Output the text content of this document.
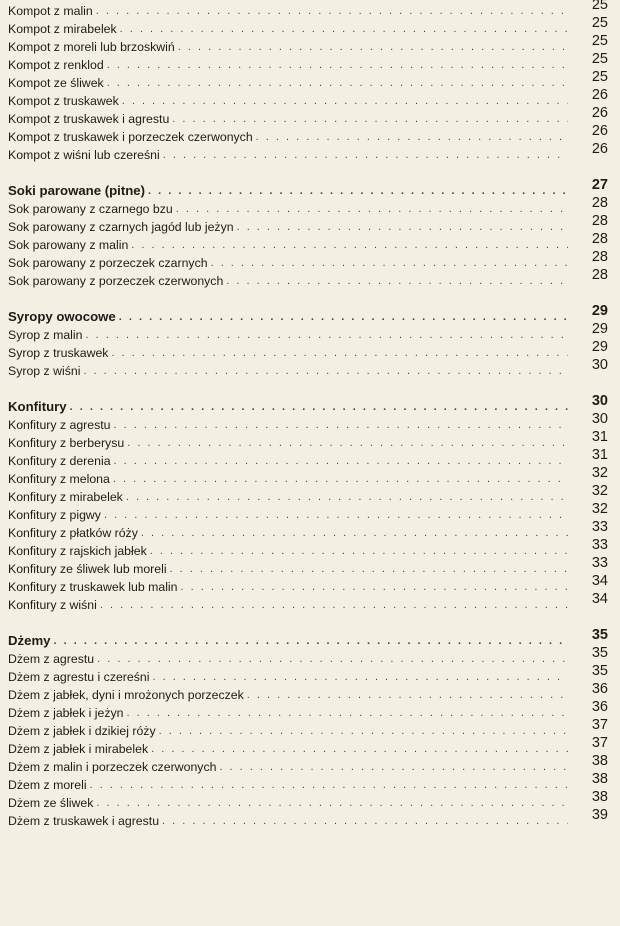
Kompot z malin . . .	25
Kompot z mirabelek . . .	25
Kompot z moreli lub brzoskwiń . . .	25
Kompot z renklod . . .	25
Kompot ze śliwek . . .	25
Kompot z truskawek . . .	26
Kompot z truskawek i agrestu . . .	26
Kompot z truskawek i porzeczek czerwonych . . .	26
Kompot z wiśni lub czereśni . . .	26
Soki parowane (pitne) . . .	27
Sok parowany z czarnego bzu . . .	28
Sok parowany z czarnych jagód lub jeżyn . . .	28
Sok parowany z malin . . .	28
Sok parowany z porzeczek czarnych . . .	28
Sok parowany z porzeczek czerwonych . . .	28
Syropy owocowe . . .	29
Syrop z malin . . .	29
Syrop z truskawek . . .	29
Syrop z wiśni . . .	30
Konfitury . . .	30
Konfitury z agrestu . . .	30
Konfitury z berberysu . . .	31
Konfitury z derenia . . .	31
Konfitury z melona . . .	32
Konfitury z mirabelek . . .	32
Konfitury z pigwy . . .	32
Konfitury z płatków róży . . .	33
Konfitury z rajskich jabłek . . .	33
Konfitury ze śliwek lub moreli . . .	33
Konfitury z truskawek lub malin . . .	34
Konfitury z wiśni . . .	34
Dżemy . . .	35
Dżem z agrestu . . .	35
Dżem z agrestu i czereśni . . .	35
Dżem z jabłek, dyni i mrożonych porzeczek . . .	36
Dżem z jabłek i jeżyn . . .	36
Dżem z jabłek i dzikiej róży . . .	37
Dżem z jabłek i mirabelek . . .	37
Dżem z malin i porzeczek czerwonych . . .	38
Dżem z moreli . . .	38
Dżem ze śliwek . . .	38
Dżem z truskawek i agrestu . . .	39
